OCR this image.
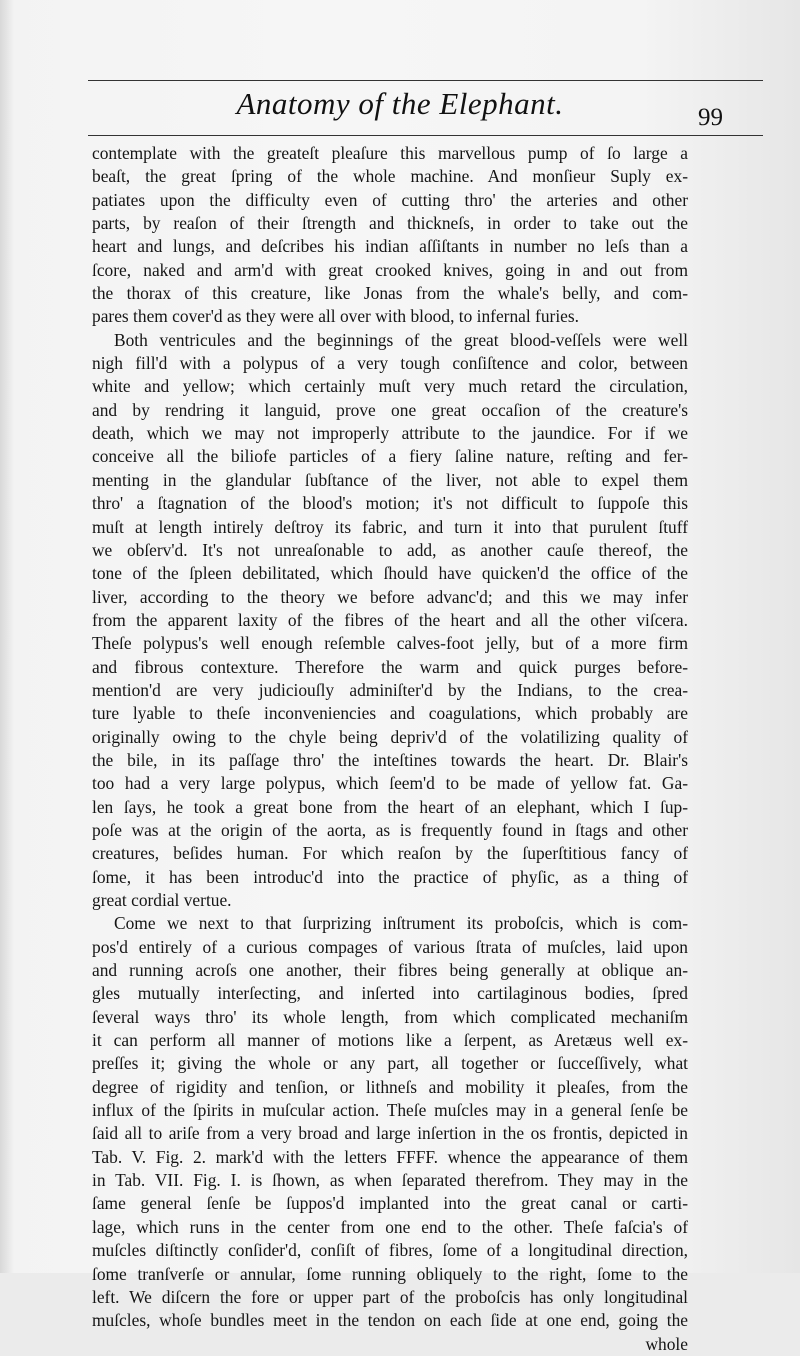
Anatomy of the Elephant.	99
contemplate with the greateſt pleaſure this marvellous pump of ſo large a
beaſt, the great ſpring of the whole machine. And monſieur Suply ex-
patiates upon the difficulty even of cutting thro' the arteries and other
parts, by reaſon of their ſtrength and thickneſs, in order to take out the
heart and lungs, and deſcribes his indian aſſiſtants in number no leſs than a
ſcore, naked and arm'd with great crooked knives, going in and out from
the thorax of this creature, like Jonas from the whale's belly, and com-
pares them cover'd as they were all over with blood, to infernal furies.
Both ventricules and the beginnings of the great blood-veſſels were well
nigh fill'd with a polypus of a very tough conſiſtence and color, between
white and yellow; which certainly muſt very much retard the circulation,
and by rendring it languid, prove one great occaſion of the creature's
death, which we may not improperly attribute to the jaundice. For if we
conceive all the biliofe particles of a fiery ſaline nature, reſting and fer-
menting in the glandular ſubſtance of the liver, not able to expel them
thro' a ſtagnation of the blood's motion; it's not difficult to ſuppoſe this
muſt at length intirely deſtroy its fabric, and turn it into that purulent ſtuff
we obſerv'd. It's not unreaſonable to add, as another cauſe thereof, the
tone of the ſpleen debilitated, which ſhould have quicken'd the office of the
liver, according to the theory we before advanc'd; and this we may infer
from the apparent laxity of the fibres of the heart and all the other viſcera.
Theſe polypus's well enough reſemble calves-foot jelly, but of a more firm
and fibrous contexture. Therefore the warm and quick purges before-
mention'd are very judiciouſly adminiſter'd by the Indians, to the crea-
ture lyable to theſe inconveniencies and coagulations, which probably are
originally owing to the chyle being depriv'd of the volatilizing quality of
the bile, in its paſſage thro' the inteſtines towards the heart. Dr. Blair's
too had a very large polypus, which ſeem'd to be made of yellow fat. Ga-
len ſays, he took a great bone from the heart of an elephant, which I ſup-
poſe was at the origin of the aorta, as is frequently found in ſtags and other
creatures, beſides human. For which reaſon by the ſuperſtitious fancy of
ſome, it has been introduc'd into the practice of phyſic, as a thing of
great cordial vertue.
Come we next to that ſurprizing inſtrument its proboſcis, which is com-
pos'd entirely of a curious compages of various ſtrata of muſcles, laid upon
and running acroſs one another, their fibres being generally at oblique an-
gles mutually interſecting, and inſerted into cartilaginous bodies, ſpred
ſeveral ways thro' its whole length, from which complicated mechaniſm
it can perform all manner of motions like a ſerpent, as Aretæus well ex-
preſſes it; giving the whole or any part, all together or ſucceſſively, what
degree of rigidity and tenſion, or lithneſs and mobility it pleaſes, from the
influx of the ſpirits in muſcular action. Theſe muſcles may in a general ſenſe be
ſaid all to ariſe from a very broad and large inſertion in the os frontis, depicted in
Tab. V. Fig. 2. mark'd with the letters FFFF. whence the appearance of them
in Tab. VII. Fig. I. is ſhown, as when ſeparated therefrom. They may in the
ſame general ſenſe be ſuppos'd implanted into the great canal or carti-
lage, which runs in the center from one end to the other. Theſe faſcia's of
muſcles diſtinctly conſider'd, conſiſt of fibres, ſome of a longitudinal direction,
ſome tranſverſe or annular, ſome running obliquely to the right, ſome to the
left. We diſcern the fore or upper part of the proboſcis has only longitudinal
muſcles, whoſe bundles meet in the tendon on each ſide at one end, going the
whole
